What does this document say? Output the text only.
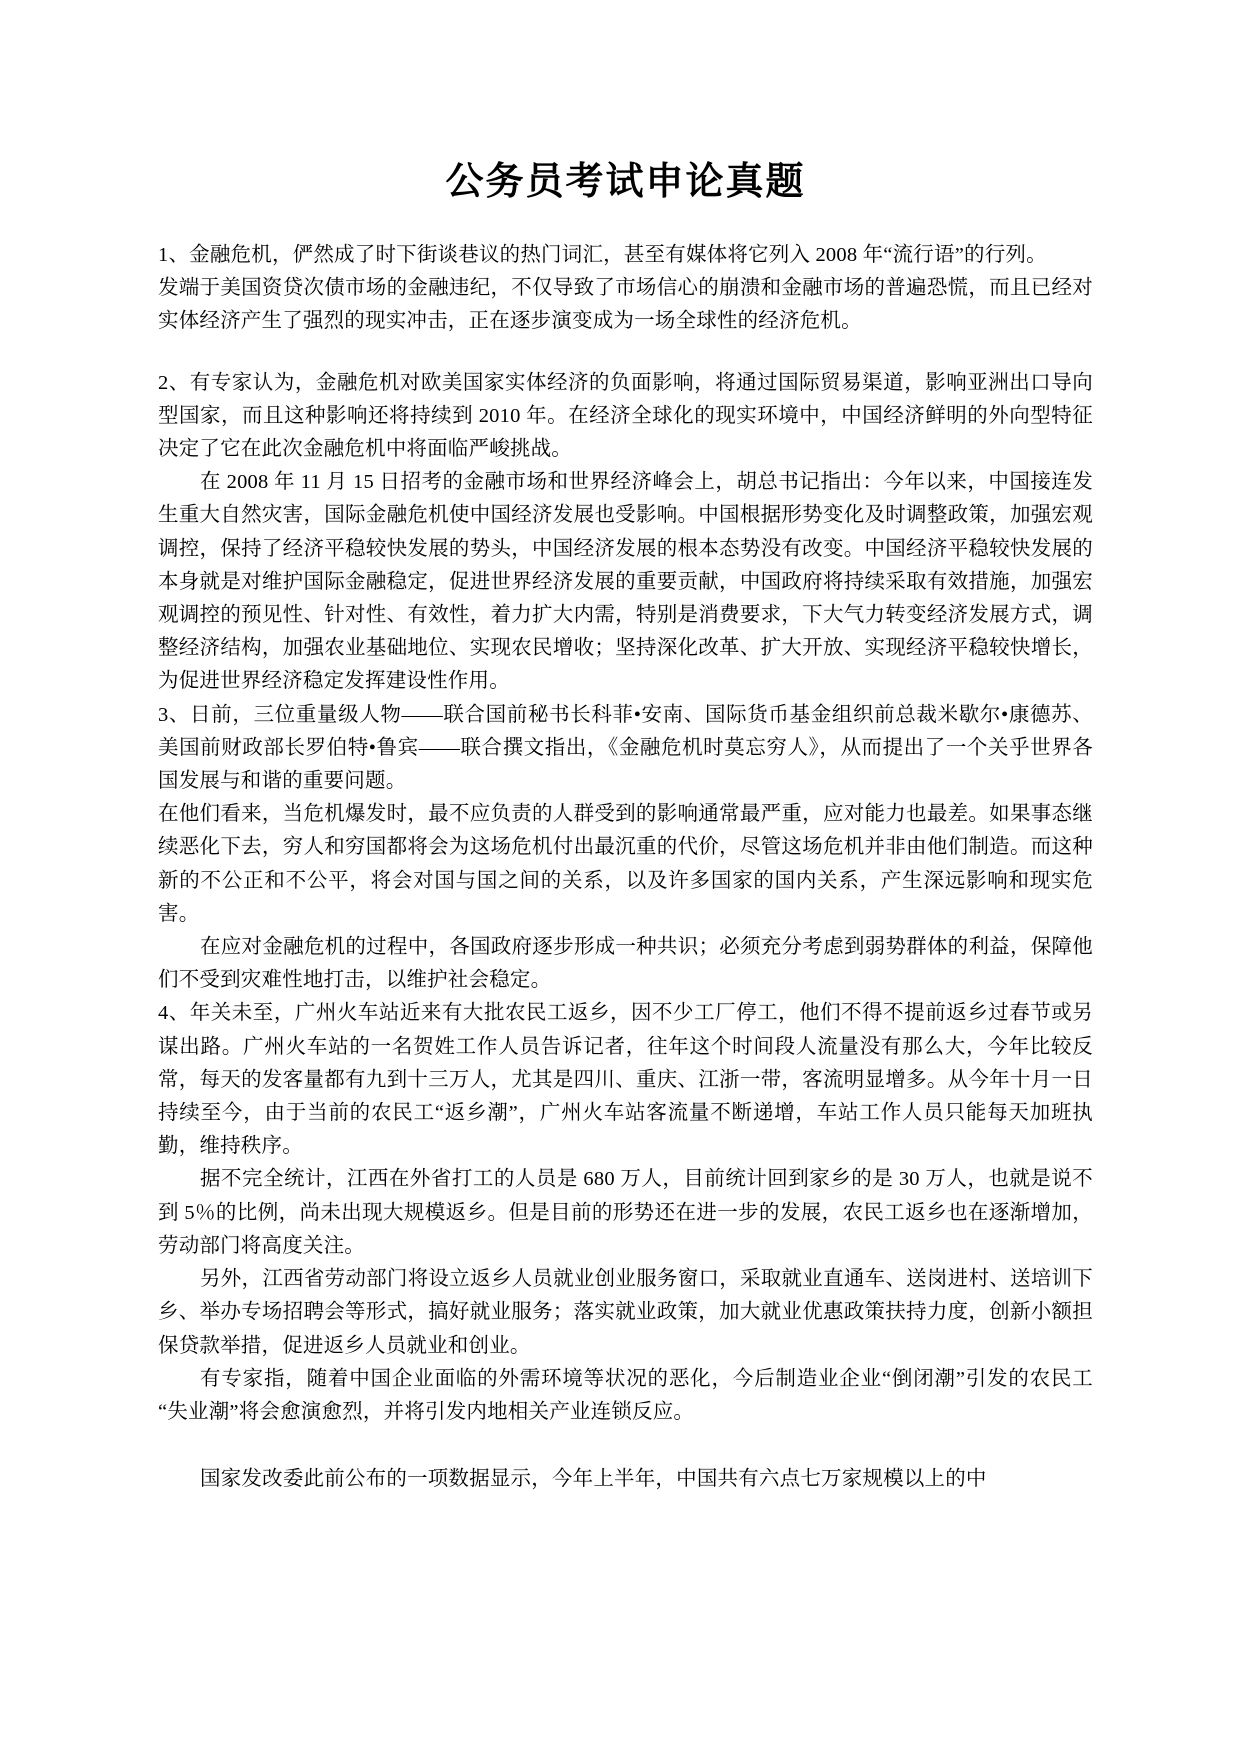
公务员考试申论真题

1、金融危机，俨然成了时下街谈巷议的热门词汇，甚至有媒体将它列入 2008 年“流行语”的行列。

发端于美国资贷次债市场的金融违纪，不仅导致了市场信心的崩溃和金融市场的普遍恐慌，而且已经对实体经济产生了强烈的现实冲击，正在逐步演变成为一场全球性的经济危机。

2、有专家认为，金融危机对欧美国家实体经济的负面影响，将通过国际贸易渠道，影响亚洲出口导向型国家，而且这种影响还将持续到 2010 年。在经济全球化的现实环境中，中国经济鲜明的外向型特征决定了它在此次金融危机中将面临严峻挑战。

在 2008 年 11 月 15 日招考的金融市场和世界经济峰会上，胡总书记指出：今年以来，中国接连发生重大自然灾害，国际金融危机使中国经济发展也受影响。中国根据形势变化及时调整政策，加强宏观调控，保持了经济平稳较快发展的势头，中国经济发展的根本态势没有改变。中国经济平稳较快发展的本身就是对维护国际金融稳定，促进世界经济发展的重要贡献，中国政府将持续采取有效措施，加强宏观调控的预见性、针对性、有效性，着力扩大内需，特别是消费要求，下大气力转变经济发展方式，调整经济结构，加强农业基础地位、实现农民增收；坚持深化改革、扩大开放、实现经济平稳较快增长，为促进世界经济稳定发挥建设性作用。

3、日前，三位重量级人物——联合国前秘书长科菲•安南、国际货币基金组织前总裁米歇尔•康德苏、美国前财政部长罗伯特•鲁宾——联合撰文指出，《金融危机时莫忘穷人》，从而提出了一个关乎世界各国发展与和谐的重要问题。

在他们看来，当危机爆发时，最不应负责的人群受到的影响通常最严重，应对能力也最差。如果事态继续恶化下去，穷人和穷国都将会为这场危机付出最沉重的代价，尽管这场危机并非由他们制造。而这种新的不公正和不公平，将会对国与国之间的关系，以及许多国家的国内关系，产生深远影响和现实危害。

在应对金融危机的过程中，各国政府逐步形成一种共识；必须充分考虑到弱势群体的利益，保障他们不受到灾难性地打击，以维护社会稳定。

4、年关未至，广州火车站近来有大批农民工返乡，因不少工厂停工，他们不得不提前返乡过春节或另谋出路。广州火车站的一名贺姓工作人员告诉记者，往年这个时间段人流量没有那么大，今年比较反常，每天的发客量都有九到十三万人，尤其是四川、重庆、江浙一带，客流明显增多。从今年十月一日持续至今，由于当前的农民工“返乡潮”，广州火车站客流量不断递增，车站工作人员只能每天加班执勤，维持秩序。

据不完全统计，江西在外省打工的人员是 680 万人，目前统计回到家乡的是 30 万人，也就是说不到 5％的比例，尚未出现大规模返乡。但是目前的形势还在进一步的发展，农民工返乡也在逐渐增加，劳动部门将高度关注。

另外，江西省劳动部门将设立返乡人员就业创业服务窗口，采取就业直通车、送岗进村、送培训下乡、举办专场招聘会等形式，搞好就业服务；落实就业政策，加大就业优惠政策扶持力度，创新小额担保贷款举措，促进返乡人员就业和创业。

有专家指，随着中国企业面临的外需环境等状况的恶化，今后制造业企业“倒闭潮”引发的农民工“失业潮”将会愈演愈烈，并将引发内地相关产业连锁反应。

国家发改委此前公布的一项数据显示，今年上半年，中国共有六点七万家规模以上的中
